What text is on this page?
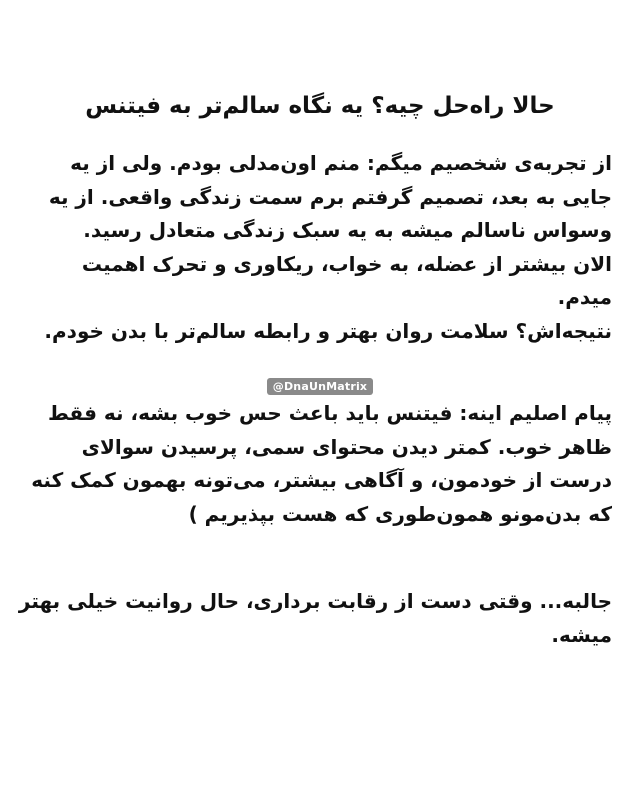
حالا راه‌حل چیه؟ یه نگاه سالم‌تر به فیتنس
از تجربه‌ی شخصیم میگم: منم اون‌مدلی بودم. ولی از یه
جایی به بعد، تصمیم گرفتم برم سمت زندگی واقعی. از یه
وسواس ناسالم میشه به یه سبک زندگی متعادل رسید.
الان بیشتر از عضله، به خواب، ریکاوری و تحرک اهمیت
میدم.
نتیجه‌اش؟ سلامت روان بهتر و رابطه سالم‌تر با بدن خودم.
@DnaUnMatrix
پیام اصلیم اینه: فیتنس باید باعث حس خوب بشه، نه فقط
ظاهر خوب. کمتر دیدن محتوای سمی، پرسیدن سوالای
درست از خودمون، و آگاهی بیشتر، می‌تونه بهمون کمک کنه
که بدن‌مونو همون‌طوری که هست بپذیریم )
جالبه... وقتی دست از رقابت برداری، حال روانیت خیلی بهتر
میشه.
